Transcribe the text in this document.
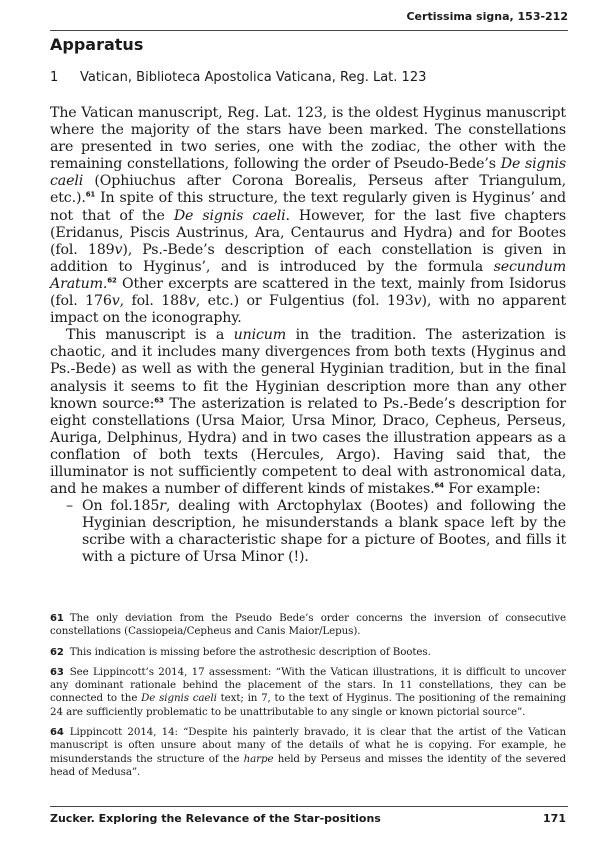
Certissima signa, 153-212
Apparatus
1 Vatican, Biblioteca Apostolica Vaticana, Reg. Lat. 123

The Vatican manuscript, Reg. Lat. 123, is the oldest Hyginus manuscript where the majority of the stars have been marked. The constellations are presented in two series, one with the zodiac, the other with the remaining constellations, following the order of Pseudo-Bede’s De signis caeli (Ophiuchus after Corona Borealis, Perseus after Triangulum, etc.).$^{61}$ In spite of this structure, the text regularly given is Hyginus’ and not that of the De signis caeli. However, for the last five chapters (Eridanus, Piscis Austrinus, Ara, Centaurus and Hydra) and for Bootes (fol. 189v), Ps.-Bede’s description of each constellation is given in addition to Hyginus’, and is introduced by the formula secundum Aratum.$^{62}$ Other excerpts are scattered in the text, mainly from Isidorus (fol. 176v, fol. 188v, etc.) or Fulgentius (fol. 193v), with no apparent impact on the iconography.

This manuscript is a unicum in the tradition. The asterization is chaotic, and it includes many divergences from both texts (Hyginus and Ps.-Bede) as well as with the general Hyginian tradition, but in the final analysis it seems to fit the Hyginian description more than any other known source:$^{63}$ The asterization is related to Ps.-Bede’s description for eight constellations (Ursa Maior, Ursa Minor, Draco, Cepheus, Perseus, Auriga, Delphinus, Hydra) and in two cases the illustration appears as a conflation of both texts (Hercules, Argo). Having said that, the illuminator is not sufficiently competent to deal with astronomical data, and he makes a number of different kinds of mistakes.$^{64}$ For example:

– On fol.185r, dealing with Arctophylax (Bootes) and following the Hyginian description, he misunderstands a blank space left by the scribe with a characteristic shape for a picture of Bootes, and fills it with a picture of Ursa Minor (!).

61 The only deviation from the Pseudo Bede’s order concerns the inversion of consecutive constellations (Cassiopeia/Cepheus and Canis Maior/Lepus).

62 This indication is missing before the astrothesic description of Bootes.

63 See Lippincott’s 2014, 17 assessment: “With the Vatican illustrations, it is difficult to uncover any dominant rationale behind the placement of the stars. In 11 constellations, they can be connected to the De signis caeli text; in 7, to the text of Hyginus. The positioning of the remaining 24 are sufficiently problematic to be unattributable to any single or known pictorial source”.

64 Lippincott 2014, 14: “Despite his painterly bravado, it is clear that the artist of the Vatican manuscript is often unsure about many of the details of what he is copying. For example, he misunderstands the structure of the harpe held by Perseus and misses the identity of the severed head of Medusa”.

Zucker. Exploring the Relevance of the Star-positions	171
